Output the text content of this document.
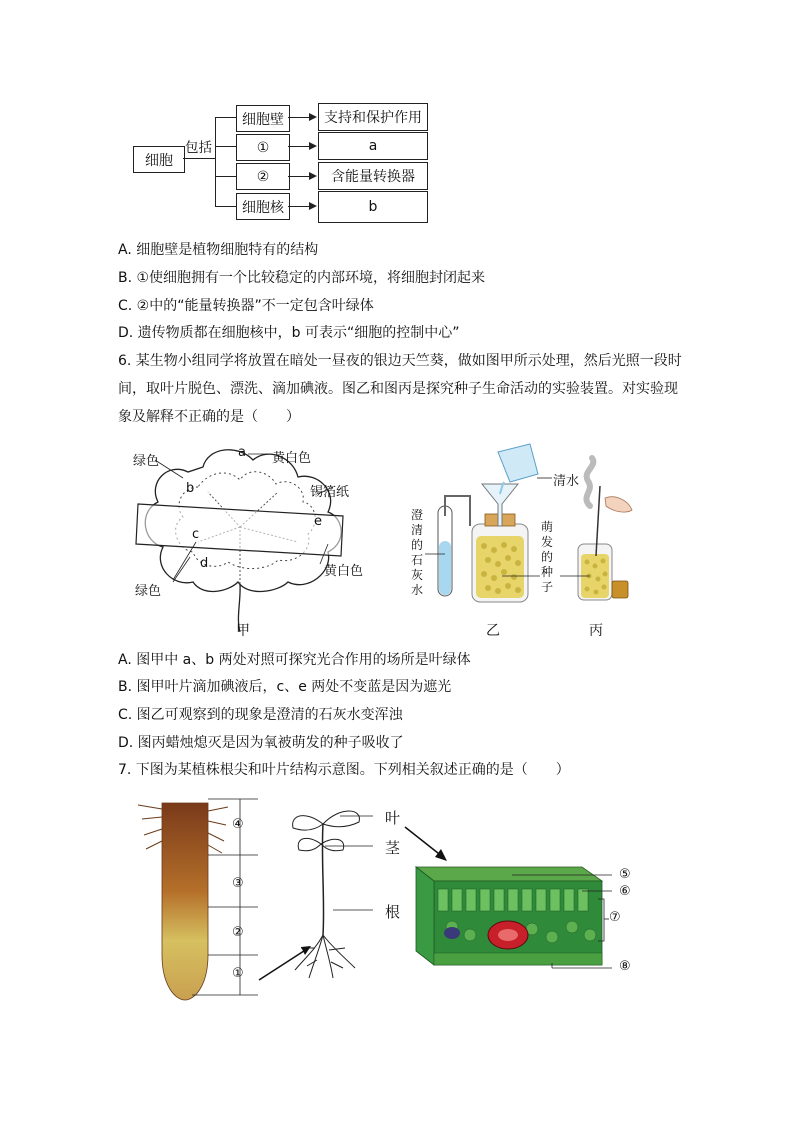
细胞
包括
细胞壁
①
②
细胞核
支持和保护作用
a
含能量转换器
b
A. 细胞壁是植物细胞特有的结构
B. ①使细胞拥有一个比较稳定的内部环境，将细胞封闭起来
C. ②中的“能量转换器”不一定包含叶绿体
D. 遗传物质都在细胞核中，b 可表示“细胞的控制中心”
6. 某生物小组同学将放置在暗处一昼夜的银边天竺葵，做如图甲所示处理，然后光照一段时间，取叶片脱色、漂洗、滴加碘液。图乙和图丙是探究种子生命活动的实验装置。对实验现象及解释不正确的是（　　）
绿色
a 黄白色
b	锡箔纸
e
c
d
黄白色
绿色
甲
清水
澄清的石灰水
萌发的种子
乙	丙
A. 图甲中 a、b 两处对照可探究光合作用的场所是叶绿体
B. 图甲叶片滴加碘液后，c、e 两处不变蓝是因为遮光
C. 图乙可观察到的现象是澄清的石灰水变浑浊
D. 图丙蜡烛熄灭是因为氧被萌发的种子吸收了
7. 下图为某植株根尖和叶片结构示意图。下列相关叙述正确的是（　　）
④
③
②
①
叶
茎
根
⑤
⑥
⑦
⑧
